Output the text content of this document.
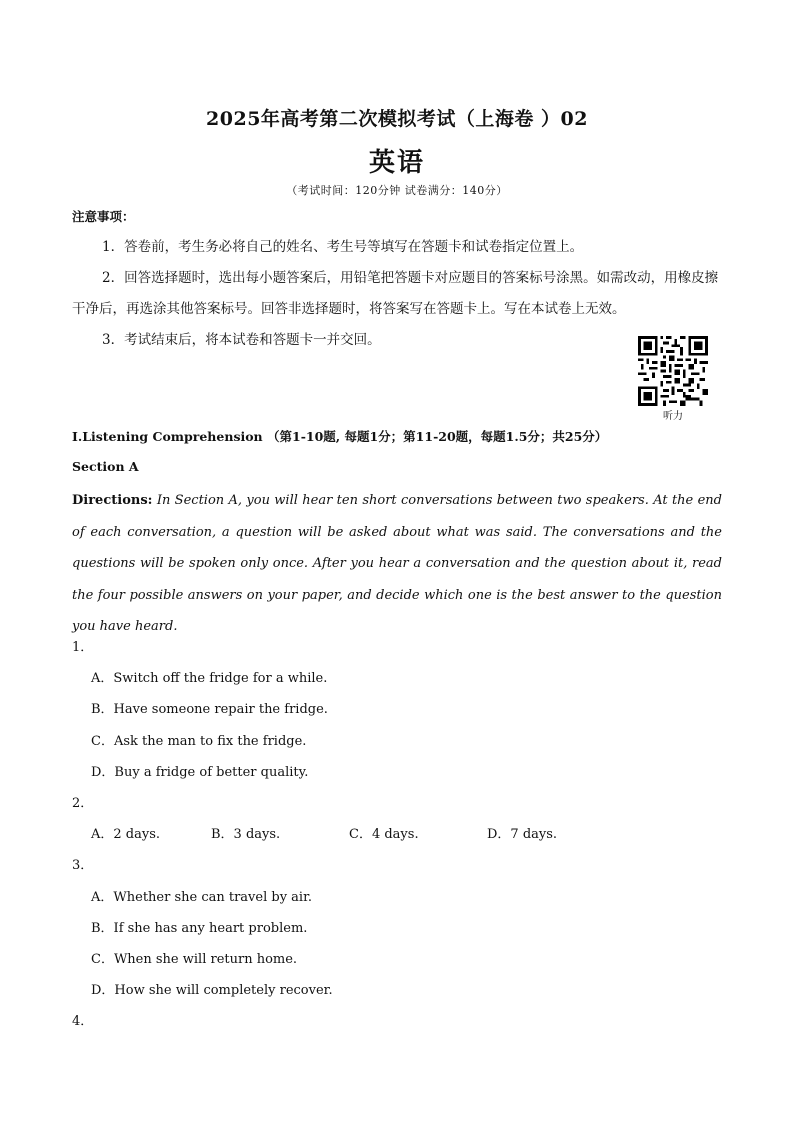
2025年高考第二次模拟考试（上海卷 ）02
英语
（考试时间：120分钟 试卷满分：140分）
注意事项：
1．答卷前，考生务必将自己的姓名、考生号等填写在答题卡和试卷指定位置上。
2．回答选择题时，选出每小题答案后，用铅笔把答题卡对应题目的答案标号涂黑。如需改动，用橡皮擦干净后，再选涂其他答案标号。回答非选择题时，将答案写在答题卡上。写在本试卷上无效。
3．考试结束后，将本试卷和答题卡一并交回。
听力
I.Listening Comprehension （第1-10题, 每题1分；第11-20题，每题1.5分；共25分）
Section A
Directions: In Section A, you will hear ten short conversations between two speakers. At the end of each conversation, a question will be asked about what was said. The conversations and the questions will be spoken only once. After you hear a conversation and the question about it, read the four possible answers on your paper, and decide which one is the best answer to the question you have heard.
1．
A．Switch off the fridge for a while.
B．Have someone repair the fridge.
C．Ask the man to fix the fridge.
D．Buy a fridge of better quality.
2．
A．2 days.	B．3 days.	C．4 days.	D．7 days.
3．
A．Whether she can travel by air.
B．If she has any heart problem.
C．When she will return home.
D．How she will completely recover.
4．
